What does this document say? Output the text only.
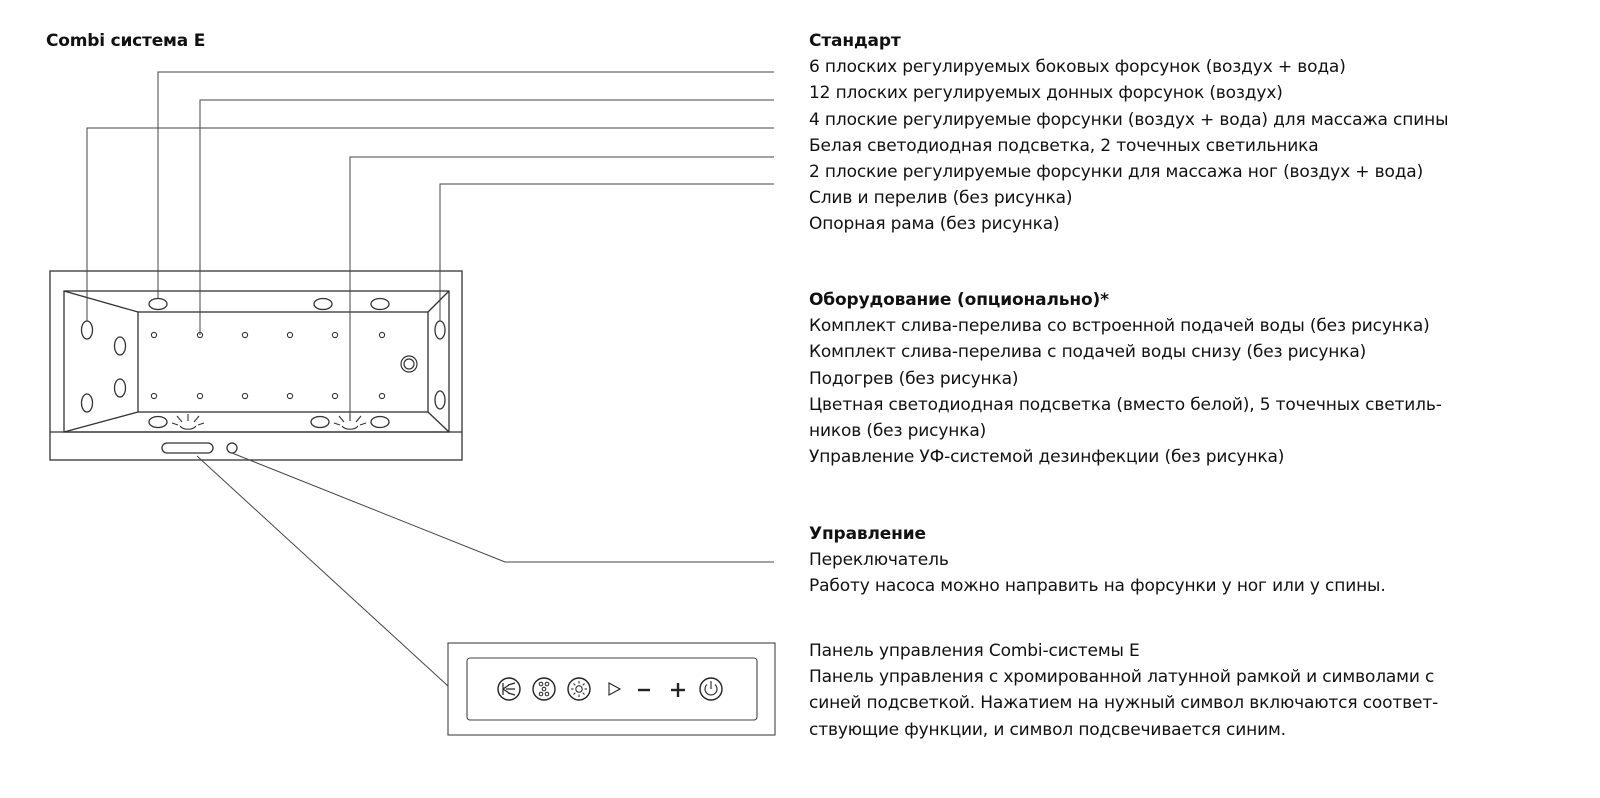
Combi система E	Стандарт
6 плоских регулируемых боковых форсунок (воздух + вода)
12 плоских регулируемых донных форсунок (воздух)
4 плоские регулируемые форсунки (воздух + вода) для массажа спины
Белая светодиодная подсветка, 2 точечных светильника
2 плоские регулируемые форсунки для массажа ног (воздух + вода)
Слив и перелив (без рисунка)
Опорная рама (без рисунка)
Оборудование (опционально)*
Комплект слива-перелива со встроенной подачей воды (без рисунка)
Комплект слива-перелива с подачей воды снизу (без рисунка)
Подогрев (без рисунка)
Цветная светодиодная подсветка (вместо белой), 5 точечных светиль-
ников (без рисунка)
Управление УФ-системой дезинфекции (без рисунка)
Управление
Переключатель
Работу насоса можно направить на форсунки у ног или у спины.
Панель управления Combi-системы E
Панель управления с хромированной латунной рамкой и символами с
синей подсветкой. Нажатием на нужный символ включаются соответ-
ствующие функции, и символ подсвечивается синим.
